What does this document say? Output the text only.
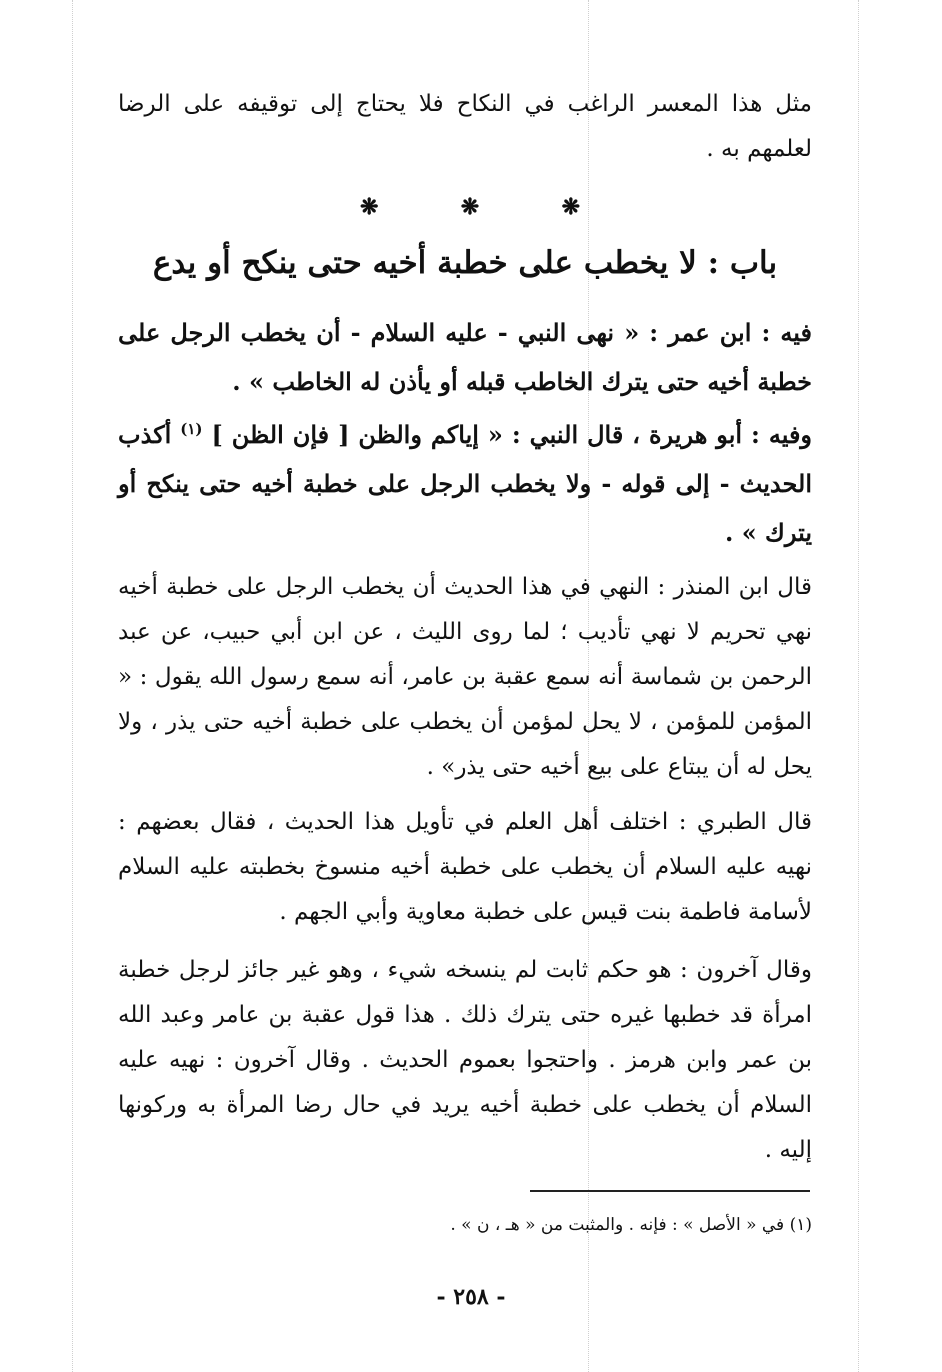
مثل هذا المعسر الراغب في النكاح فلا يحتاج إلى توقيفه على الرضا لعلمهم به .

❋	❋	❋
باب : لا يخطب على خطبة أخيه حتى ينكح أو يدع

فيه : ابن عمر : « نهى النبي - عليه السلام - أن يخطب الرجل على خطبة أخيه حتى يترك الخاطب قبله أو يأذن له الخاطب » .

وفيه : أبو هريرة ، قال النبي : « إياكم والظن [ فإن الظن ] $^{(١)}$ أكذب الحديث - إلى قوله - ولا يخطب الرجل على خطبة أخيه حتى ينكح أو يترك » .

قال ابن المنذر : النهي في هذا الحديث أن يخطب الرجل على خطبة أخيه نهي تحريم لا نهي تأديب ؛ لما روى الليث ، عن ابن أبي حبيب، عن عبد الرحمن بن شماسة أنه سمع عقبة بن عامر، أنه سمع رسول الله يقول : « المؤمن للمؤمن ، لا يحل لمؤمن أن يخطب على خطبة أخيه حتى يذر ، ولا يحل له أن يبتاع على بيع أخيه حتى يذر» .

قال الطبري : اختلف أهل العلم في تأويل هذا الحديث ، فقال بعضهم : نهيه عليه السلام أن يخطب على خطبة أخيه منسوخ بخطبته عليه السلام لأسامة فاطمة بنت قيس على خطبة معاوية وأبي الجهم .

وقال آخرون : هو حكم ثابت لم ينسخه شيء ، وهو غير جائز لرجل خطبة امرأة قد خطبها غيره حتى يترك ذلك . هذا قول عقبة بن عامر وعبد الله بن عمر وابن هرمز . واحتجوا بعموم الحديث . وقال آخرون : نهيه عليه السلام أن يخطب على خطبة أخيه يريد في حال رضا المرأة به وركونها إليه .

(١) في « الأصل » : فإنه . والمثبت من « هـ ، ن » .

- ٢٥٨ -
